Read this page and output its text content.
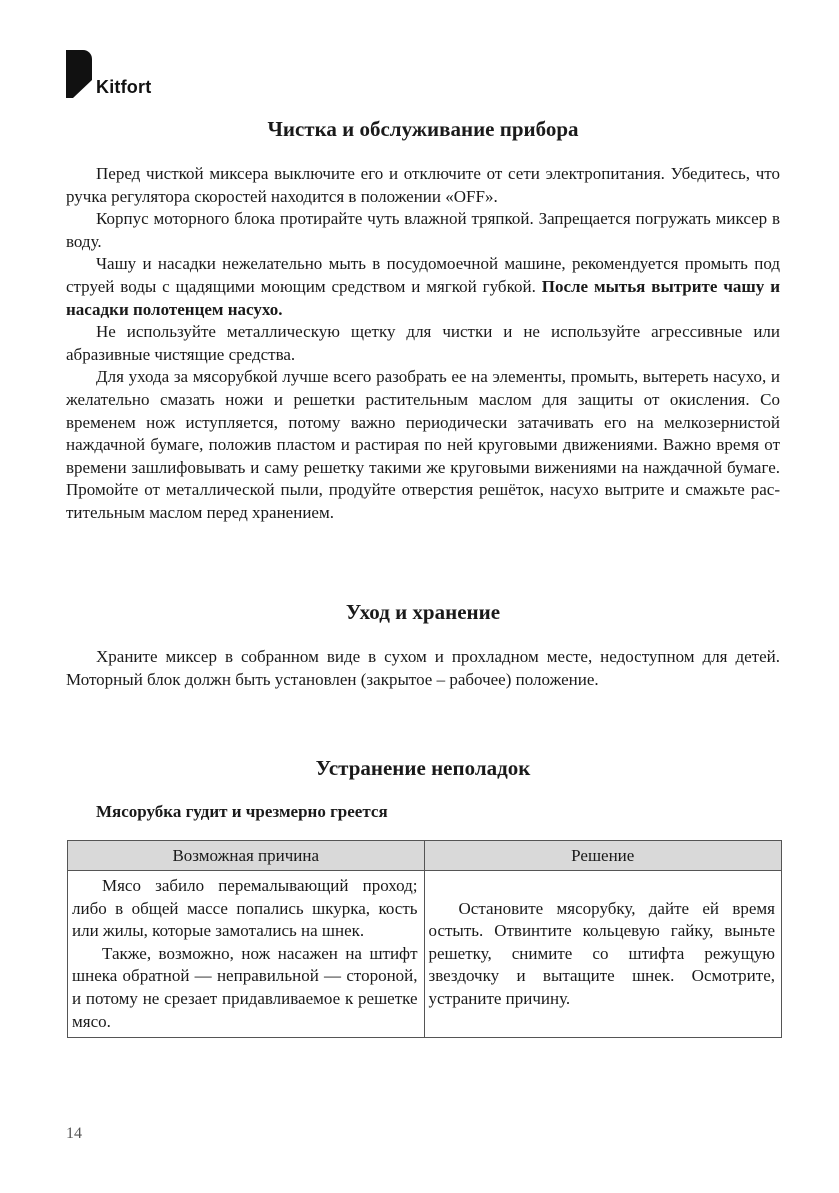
Kitfort
Чистка и обслуживание прибора

Перед чисткой миксера выключите его и отключите от сети электропитания. Убедитесь, что ручка регулятора скоростей находится в положении «OFF».

Корпус моторного блока протирайте чуть влажной тряпкой. Запрещается погружать миксер в воду.

Чашу и насадки нежелательно мыть в посудомоечной машине, рекомендуется промыть под струей воды с щадящими моющим средством и мягкой губкой. После мытья вытрите чашу и насадки полотенцем насухо.

Не используйте металлическую щетку для чистки и не используйте агрессивные или абразивные чистящие средства.

Для ухода за мясорубкой лучше всего разобрать ее на элементы, промыть, вытереть насухо, и желательно смазать ножи и решетки растительным маслом для защиты от окисления. Со временем нож иступляется, потому важно периодически затачивать его на мелкозернистой наждачной бумаге, положив пластом и растирая по ней круговыми движениями. Важно время от времени зашлифовывать и саму решетку такими же круговыми вижениями на наждачной бумаге. Промойте от металлической пыли, продуйте отверстия решёток, насухо вытрите и смажьте растительным маслом перед хранением.

Уход и хранение

Храните миксер в собранном виде в сухом и прохладном месте, недоступном для детей. Моторный блок должн быть установлен (закрытое – рабочее) положение.

Устранение неполадок
Мясорубка гудит и чрезмерно греется
Возможная причина	Решение

Мясо забило перемалывающий проход; либо в общей массе попались шкурка, кость или жилы, которые замотались на шнек.

Также, возможно, нож насажен на штифт шнека обратной — неправильной — стороной, и потому не срезает придавливаемое к решетке мясо.	Остановите мясорубку, дайте ей время остыть. Отвинтите кольцевую гайку, выньте решетку, снимите со штифта режущую звездочку и вытащите шнек. Осмотрите, устраните причину.

14
